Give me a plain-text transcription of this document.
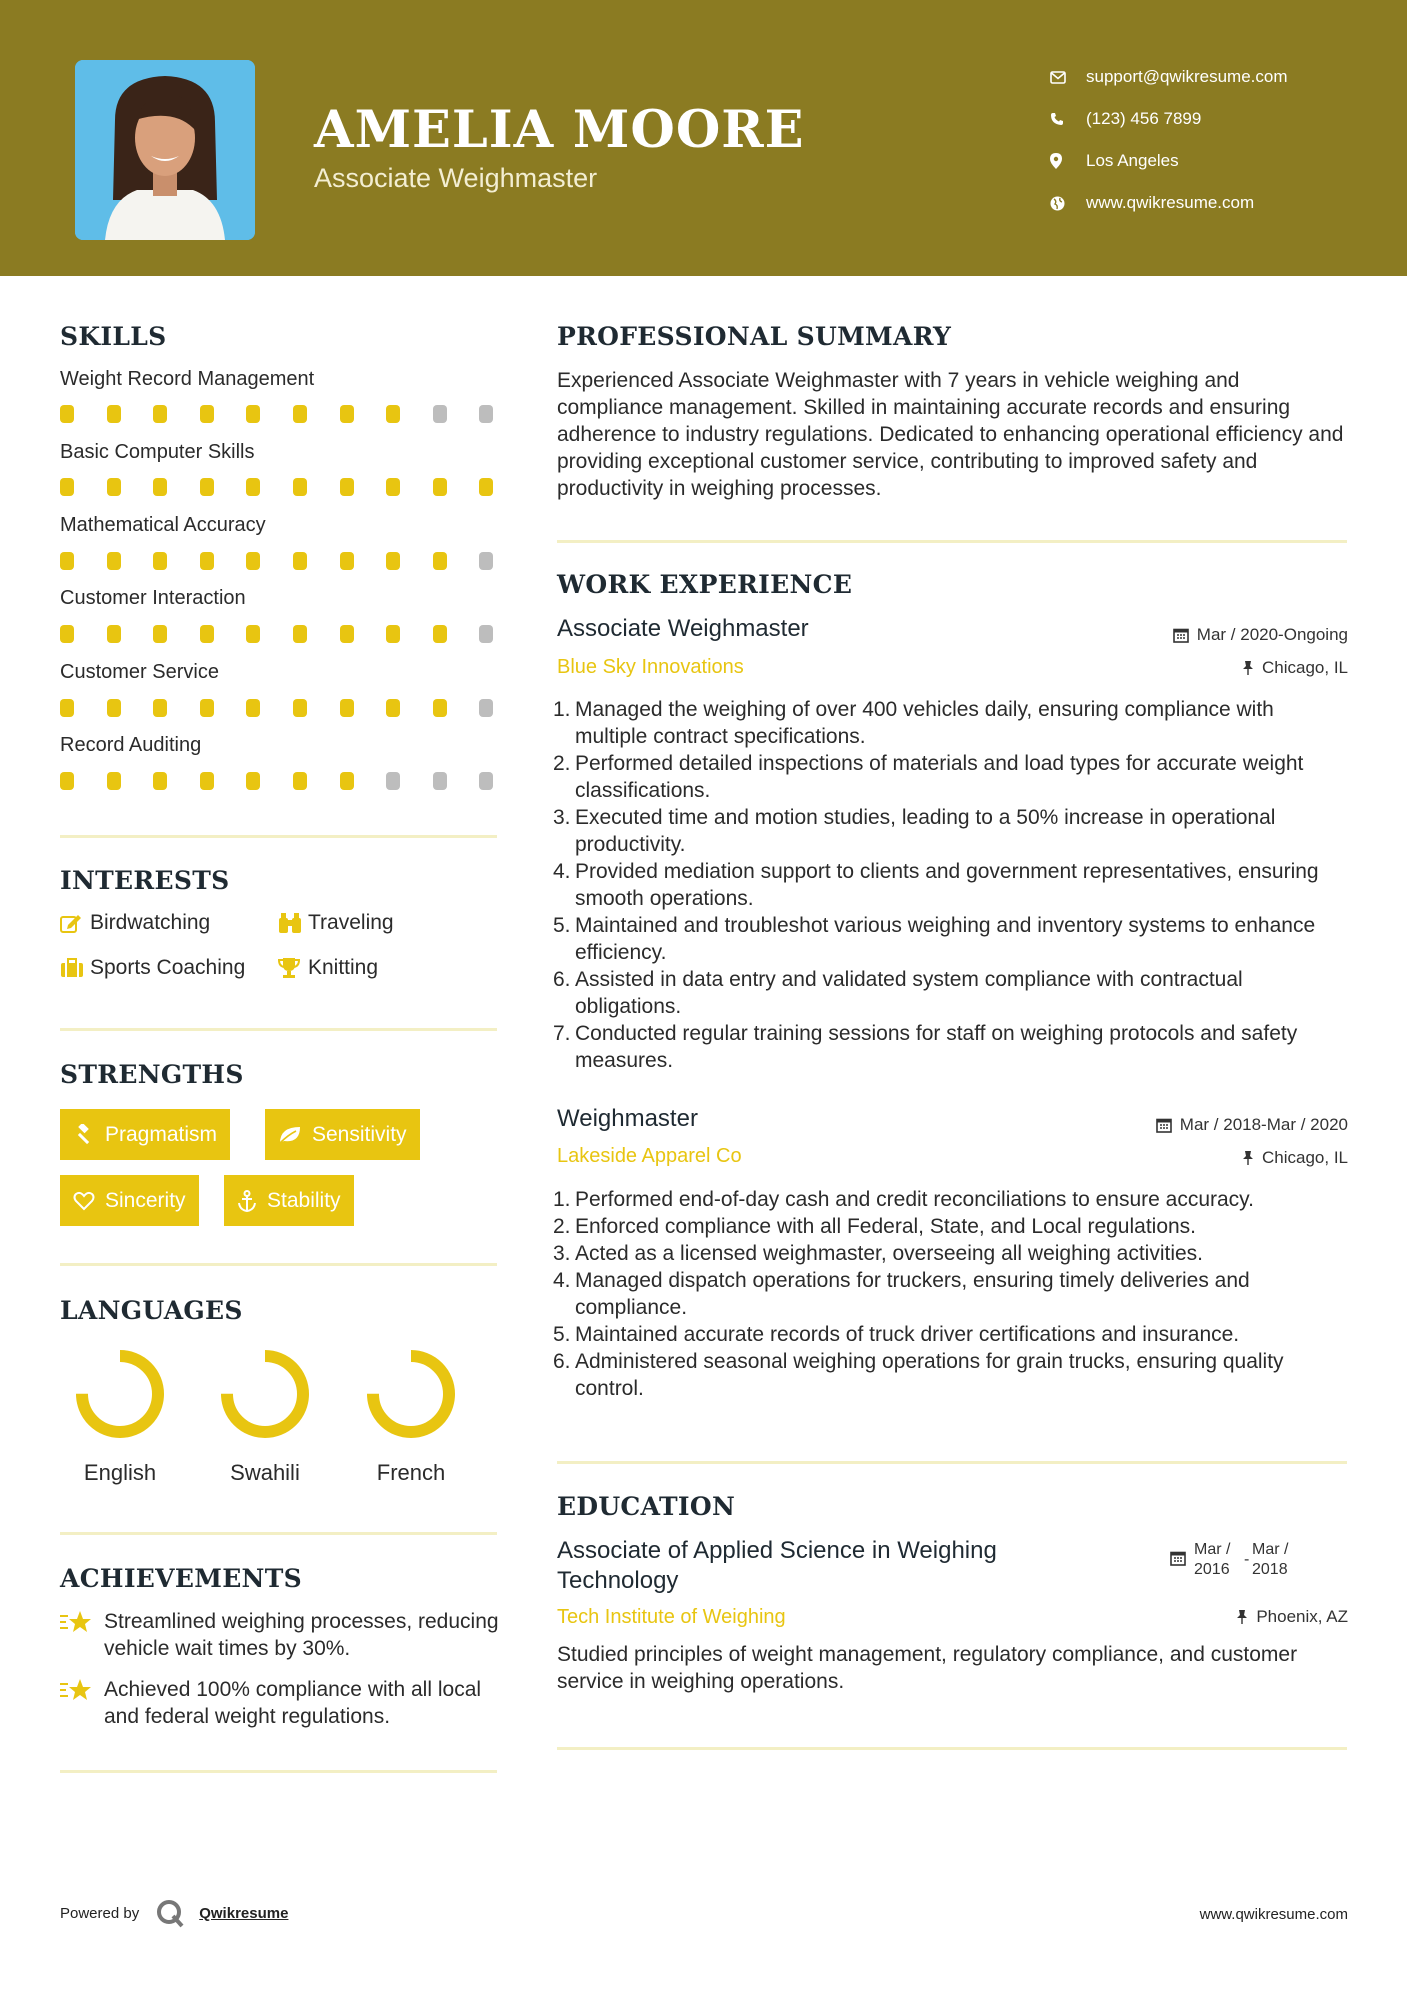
AMELIA MOORE
Associate Weighmaster
support@qwikresume.com
(123) 456 7899
Los Angeles
www.qwikresume.com
SKILLS
Weight Record Management
Basic Computer Skills
Mathematical Accuracy
Customer Interaction
Customer Service
Record Auditing
INTERESTS
Birdwatching	Traveling
Sports Coaching	Knitting
STRENGTHS
Pragmatism	Sensitivity
Sincerity	Stability
LANGUAGES
English	Swahili	French
ACHIEVEMENTS
Streamlined weighing processes, reducing vehicle wait times by 30%.
Achieved 100% compliance with all local and federal weight regulations.
PROFESSIONAL SUMMARY
Experienced Associate Weighmaster with 7 years in vehicle weighing and compliance management. Skilled in maintaining accurate records and ensuring adherence to industry regulations. Dedicated to enhancing operational efficiency and providing exceptional customer service, contributing to improved safety and productivity in weighing processes.
WORK EXPERIENCE
Associate Weighmaster	Mar / 2020-Ongoing
Blue Sky Innovations	Chicago, IL
1. Managed the weighing of over 400 vehicles daily, ensuring compliance with multiple contract specifications.
2. Performed detailed inspections of materials and load types for accurate weight classifications.
3. Executed time and motion studies, leading to a 50% increase in operational productivity.
4. Provided mediation support to clients and government representatives, ensuring smooth operations.
5. Maintained and troubleshot various weighing and inventory systems to enhance efficiency.
6. Assisted in data entry and validated system compliance with contractual obligations.
7. Conducted regular training sessions for staff on weighing protocols and safety measures.
Weighmaster	Mar / 2018-Mar / 2020
Lakeside Apparel Co	Chicago, IL
1. Performed end-of-day cash and credit reconciliations to ensure accuracy.
2. Enforced compliance with all Federal, State, and Local regulations.
3. Acted as a licensed weighmaster, overseeing all weighing activities.
4. Managed dispatch operations for truckers, ensuring timely deliveries and compliance.
5. Maintained accurate records of truck driver certifications and insurance.
6. Administered seasonal weighing operations for grain trucks, ensuring quality control.
EDUCATION
Associate of Applied Science in Weighing Technology
Mar / 2016
-
Mar / 2018
Tech Institute of Weighing	Phoenix, AZ
Studied principles of weight management, regulatory compliance, and customer service in weighing operations.
Powered by	Qwikresume	www.qwikresume.com
